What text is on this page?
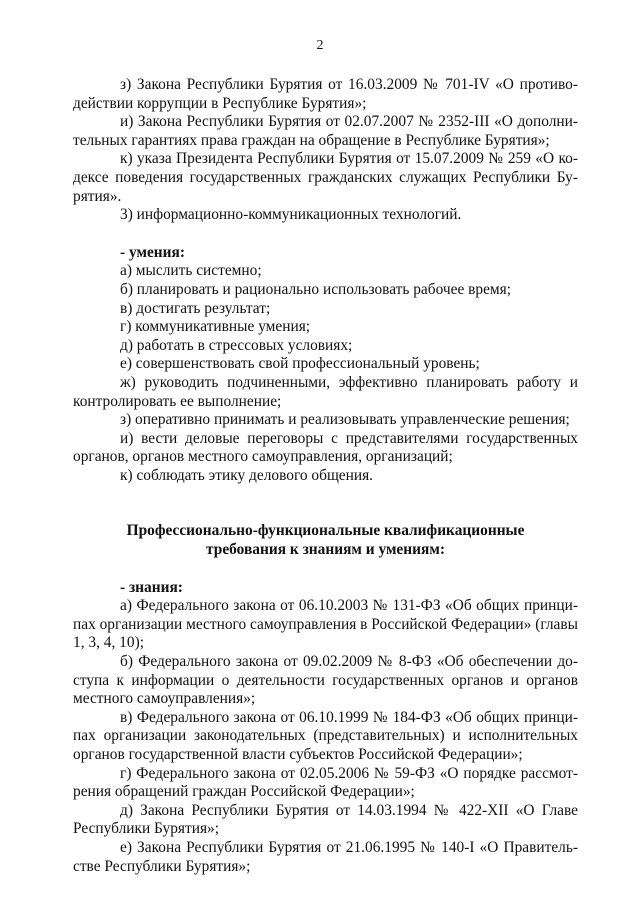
2

з) Закона Республики Бурятия от 16.03.2009 № 701-IV «О противодействии коррупции в Республике Бурятия»;

и) Закона Республики Бурятия от 02.07.2007 № 2352-III «О дополнительных гарантиях права граждан на обращение в Республике Бурятия»;

к) указа Президента Республики Бурятия от 15.07.2009 № 259 «О кодексе поведения государственных гражданских служащих Республики Бурятия».

3) информационно-коммуникационных технологий.

- умения:

а) мыслить системно;

б) планировать и рационально использовать рабочее время;

в) достигать результат;

г) коммуникативные умения;

д) работать в стрессовых условиях;

е) совершенствовать свой профессиональный уровень;

ж) руководить подчиненными, эффективно планировать работу и контролировать ее выполнение;

з) оперативно принимать и реализовывать управленческие решения;

и) вести деловые переговоры с представителями государственных органов, органов местного самоуправления, организаций;

к) соблюдать этику делового общения.

Профессионально-функциональные квалификационные

требования к знаниям и умениям:

- знания:

а) Федерального закона от 06.10.2003 № 131-ФЗ «Об общих принципах организации местного самоуправления в Российской Федерации» (главы 1, 3, 4, 10);

б) Федерального закона от 09.02.2009 № 8-ФЗ «Об обеспечении доступа к информации о деятельности государственных органов и органов местного самоуправления»;

в) Федерального закона от 06.10.1999 № 184-ФЗ «Об общих принципах организации законодательных (представительных) и исполнительных органов государственной власти субъектов Российской Федерации»;

г) Федерального закона от 02.05.2006 № 59-ФЗ «О порядке рассмотрения обращений граждан Российской Федерации»;

д) Закона Республики Бурятия от 14.03.1994 № 422-XII «О Главе Республики Бурятия»;

е) Закона Республики Бурятия от 21.06.1995 № 140-I «О Правительстве Республики Бурятия»;
